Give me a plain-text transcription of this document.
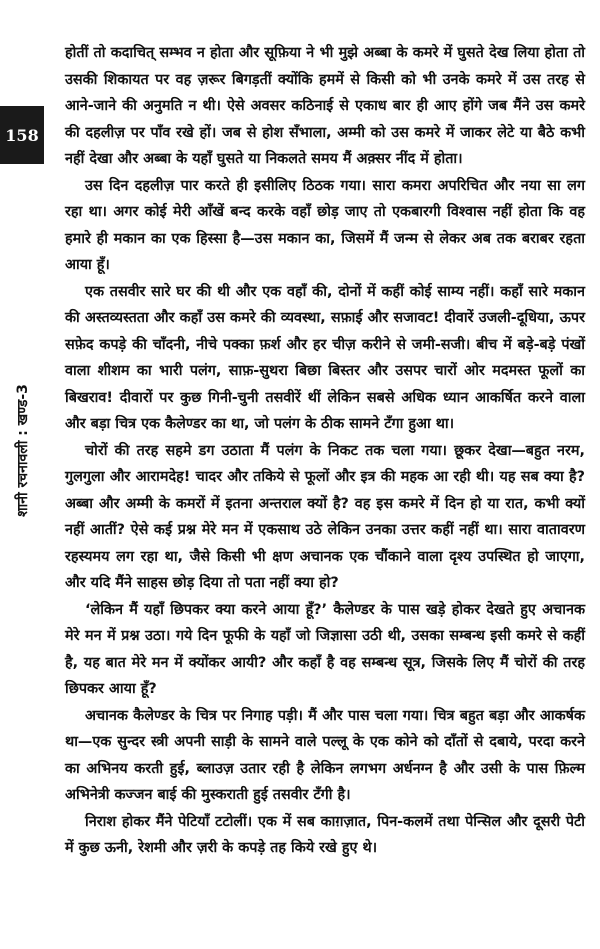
158
शानी रचनावली : खण्ड-3

होतीं तो कदाचित् सम्भव न होता और सूफ़िया ने भी मुझे अब्बा के कमरे में घुसते देख लिया होता तो उसकी शिकायत पर वह ज़रूर बिगड़तीं क्योंकि हममें से किसी को भी उनके कमरे में उस तरह से आने-जाने की अनुमति न थी। ऐसे अवसर कठिनाई से एकाध बार ही आए होंगे जब मैंने उस कमरे की दहलीज़ पर पाँव रखे हों। जब से होश सँभाला, अम्मी को उस कमरे में जाकर लेटे या बैठे कभी नहीं देखा और अब्बा के यहाँ घुसते या निकलते समय मैं अक़्सर नींद में होता।

उस दिन दहलीज़ पार करते ही इसीलिए ठिठक गया। सारा कमरा अपरिचित और नया सा लग रहा था। अगर कोई मेरी आँखें बन्द करके वहाँ छोड़ जाए तो एकबारगी विश्वास नहीं होता कि वह हमारे ही मकान का एक हिस्सा है—उस मकान का, जिसमें मैं जन्म से लेकर अब तक बराबर रहता आया हूँ।

एक तसवीर सारे घर की थी और एक वहाँ की, दोनों में कहीं कोई साम्य नहीं। कहाँ सारे मकान की अस्तव्यस्तता और कहाँ उस कमरे की व्यवस्था, सफ़ाई और सजावट! दीवारें उजली-दूधिया, ऊपर सफ़ेद कपड़े की चाँदनी, नीचे पक्का फ़र्श और हर चीज़ करीने से जमी-सजी। बीच में बड़े-बड़े पंखों वाला शीशम का भारी पलंग, साफ़-सुथरा बिछा बिस्तर और उसपर चारों ओर मदमस्त फूलों का बिखराव! दीवारों पर कुछ गिनी-चुनी तसवीरें थीं लेकिन सबसे अधिक ध्यान आकर्षित करने वाला और बड़ा चित्र एक कैलेण्डर का था, जो पलंग के ठीक सामने टँगा हुआ था।

चोरों की तरह सहमे डग उठाता मैं पलंग के निकट तक चला गया। छूकर देखा—बहुत नरम, गुलगुला और आरामदेह! चादर और तकिये से फूलों और इत्र की महक आ रही थी। यह सब क्या है? अब्बा और अम्मी के कमरों में इतना अन्तराल क्यों है? वह इस कमरे में दिन हो या रात, कभी क्यों नहीं आतीं? ऐसे कई प्रश्न मेरे मन में एकसाथ उठे लेकिन उनका उत्तर कहीं नहीं था। सारा वातावरण रहस्यमय लग रहा था, जैसे किसी भी क्षण अचानक एक चौंकाने वाला दृश्य उपस्थित हो जाएगा, और यदि मैंने साहस छोड़ दिया तो पता नहीं क्या हो?

‘लेकिन मैं यहाँ छिपकर क्या करने आया हूँ?’ कैलेण्डर के पास खड़े होकर देखते हुए अचानक मेरे मन में प्रश्न उठा। गये दिन फूफी के यहाँ जो जिज्ञासा उठी थी, उसका सम्बन्ध इसी कमरे से कहीं है, यह बात मेरे मन में क्योंकर आयी? और कहाँ है वह सम्बन्ध सूत्र, जिसके लिए मैं चोरों की तरह छिपकर आया हूँ?

अचानक कैलेण्डर के चित्र पर निगाह पड़ी। मैं और पास चला गया। चित्र बहुत बड़ा और आकर्षक था—एक सुन्दर स्त्री अपनी साड़ी के सामने वाले पल्लू के एक कोने को दाँतों से दबाये, परदा करने का अभिनय करती हुई, ब्लाउज़ उतार रही है लेकिन लगभग अर्धनग्न है और उसी के पास फ़िल्म अभिनेत्री कज्जन बाई की मुस्कराती हुई तसवीर टँगी है।

निराश होकर मैंने पेटियाँ टटोलीं। एक में सब काग़ज़ात, पिन-कलमें तथा पेन्सिल और दूसरी पेटी में कुछ ऊनी, रेशमी और ज़री के कपड़े तह किये रखे हुए थे।
